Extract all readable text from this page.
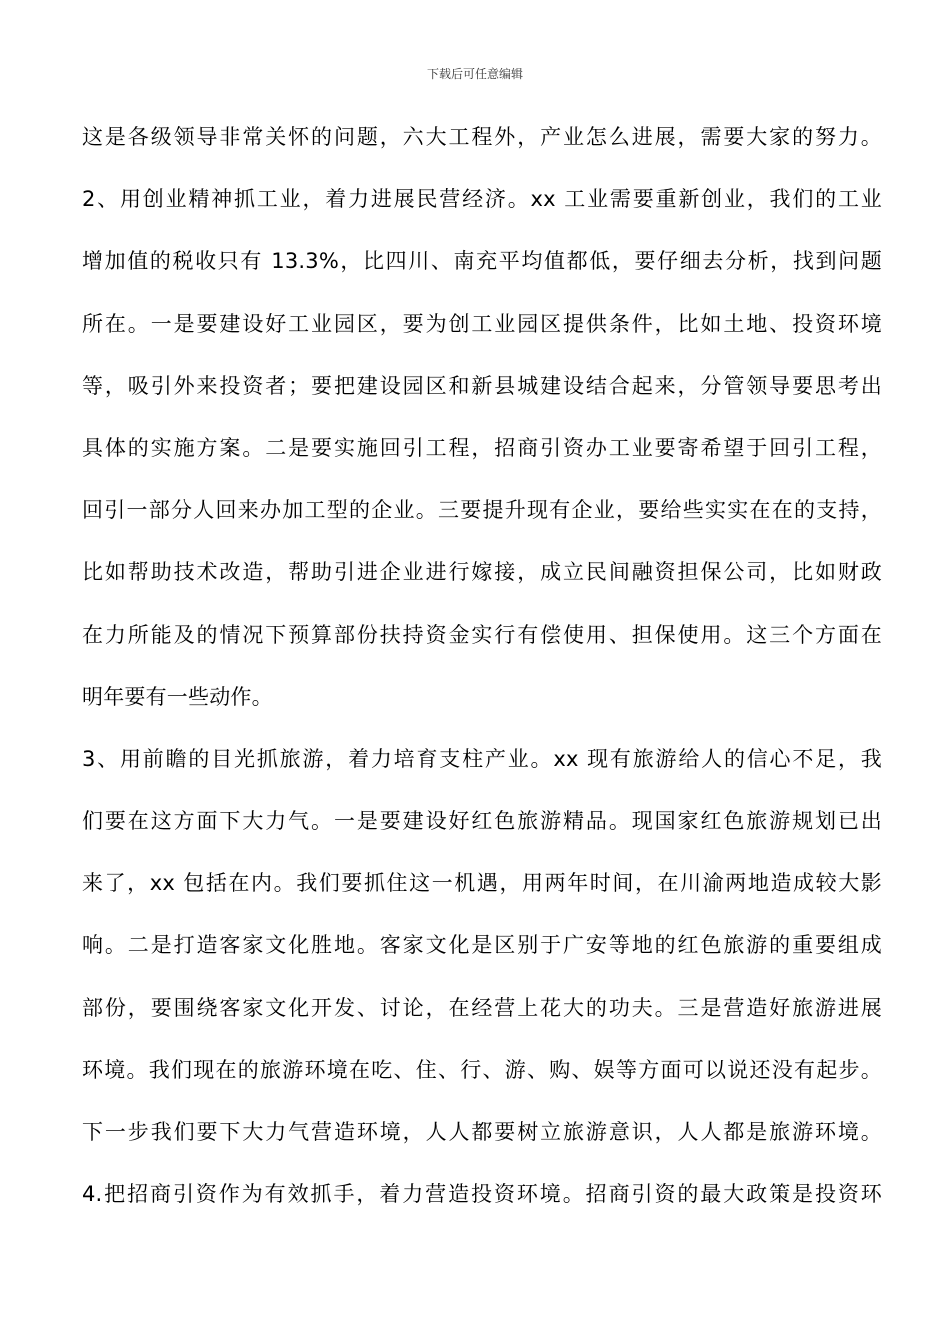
下载后可任意编辑
这是各级领导非常关怀的问题，六大工程外，产业怎么进展，需要大家的努力。
2、用创业精神抓工业，着力进展民营经济。xx 工业需要重新创业，我们的工业
增加值的税收只有 13.3%，比四川、南充平均值都低，要仔细去分析，找到问题
所在。一是要建设好工业园区，要为创工业园区提供条件，比如土地、投资环境
等，吸引外来投资者；要把建设园区和新县城建设结合起来，分管领导要思考出
具体的实施方案。二是要实施回引工程，招商引资办工业要寄希望于回引工程，
回引一部分人回来办加工型的企业。三要提升现有企业，要给些实实在在的支持，
比如帮助技术改造，帮助引进企业进行嫁接，成立民间融资担保公司，比如财政
在力所能及的情况下预算部份扶持资金实行有偿使用、担保使用。这三个方面在
明年要有一些动作。
3、用前瞻的目光抓旅游，着力培育支柱产业。xx 现有旅游给人的信心不足，我
们要在这方面下大力气。一是要建设好红色旅游精品。现国家红色旅游规划已出
来了，xx 包括在内。我们要抓住这一机遇，用两年时间，在川渝两地造成较大影
响。二是打造客家文化胜地。客家文化是区别于广安等地的红色旅游的重要组成
部份，要围绕客家文化开发、讨论，在经营上花大的功夫。三是营造好旅游进展
环境。我们现在的旅游环境在吃、住、行、游、购、娱等方面可以说还没有起步。
下一步我们要下大力气营造环境，人人都要树立旅游意识，人人都是旅游环境。
4.把招商引资作为有效抓手，着力营造投资环境。招商引资的最大政策是投资环
